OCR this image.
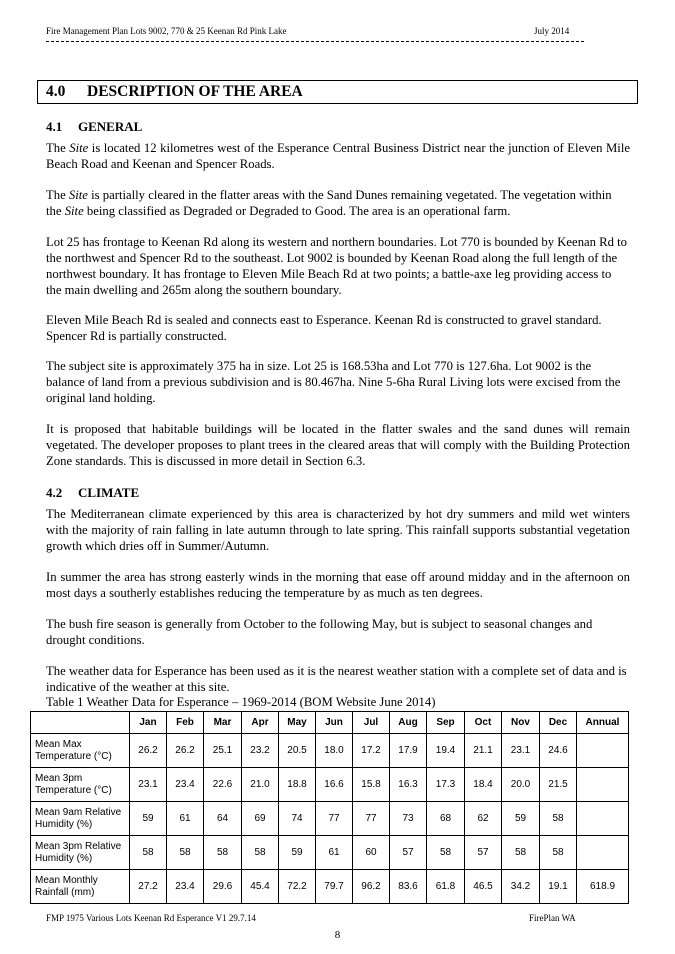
Fire Management Plan Lots 9002, 770 & 25 Keenan Rd Pink Lake	July 2014
4.0 DESCRIPTION OF THE AREA
4.1 GENERAL

The Site is located 12 kilometres west of the Esperance Central Business District near the junction of Eleven Mile Beach Road and Keenan and Spencer Roads.

The Site is partially cleared in the flatter areas with the Sand Dunes remaining vegetated. The vegetation within the Site being classified as Degraded or Degraded to Good. The area is an operational farm.

Lot 25 has frontage to Keenan Rd along its western and northern boundaries. Lot 770 is bounded by Keenan Rd to the northwest and Spencer Rd to the southeast. Lot 9002 is bounded by Keenan Road along the full length of the northwest boundary. It has frontage to Eleven Mile Beach Rd at two points; a battle-axe leg providing access to the main dwelling and 265m along the southern boundary.

Eleven Mile Beach Rd is sealed and connects east to Esperance. Keenan Rd is constructed to gravel standard. Spencer Rd is partially constructed.

The subject site is approximately 375 ha in size. Lot 25 is 168.53ha and Lot 770 is 127.6ha. Lot 9002 is the balance of land from a previous subdivision and is 80.467ha. Nine 5-6ha Rural Living lots were excised from the original land holding.

It is proposed that habitable buildings will be located in the flatter swales and the sand dunes will remain vegetated. The developer proposes to plant trees in the cleared areas that will comply with the Building Protection Zone standards. This is discussed in more detail in Section 6.3.

4.2 CLIMATE

The Mediterranean climate experienced by this area is characterized by hot dry summers and mild wet winters with the majority of rain falling in late autumn through to late spring. This rainfall supports substantial vegetation growth which dries off in Summer/Autumn.

In summer the area has strong easterly winds in the morning that ease off around midday and in the afternoon on most days a southerly establishes reducing the temperature by as much as ten degrees.

The bush fire season is generally from October to the following May, but is subject to seasonal changes and drought conditions.

The weather data for Esperance has been used as it is the nearest weather station with a complete set of data and is indicative of the weather at this site.

Table 1 Weather Data for Esperance – 1969-2014 (BOM Website June 2014)
	Jan	Feb	Mar	Apr	May	Jun	Jul	Aug	Sep	Oct	Nov	Dec	Annual
Mean Max Temperature (°C)	26.2	26.2	25.1	23.2	20.5	18.0	17.2	17.9	19.4	21.1	23.1	24.6	
Mean 3pm Temperature (°C)	23.1	23.4	22.6	21.0	18.8	16.6	15.8	16.3	17.3	18.4	20.0	21.5	
Mean 9am Relative Humidity (%)	59	61	64	69	74	77	77	73	68	62	59	58	
Mean 3pm Relative Humidity (%)	58	58	58	58	59	61	60	57	58	57	58	58	
Mean Monthly Rainfall (mm)	27.2	23.4	29.6	45.4	72.2	79.7	96.2	83.6	61.8	46.5	34.2	19.1	618.9
FMP 1975 Various Lots Keenan Rd Esperance V1 29.7.14	FirePlan WA
8
